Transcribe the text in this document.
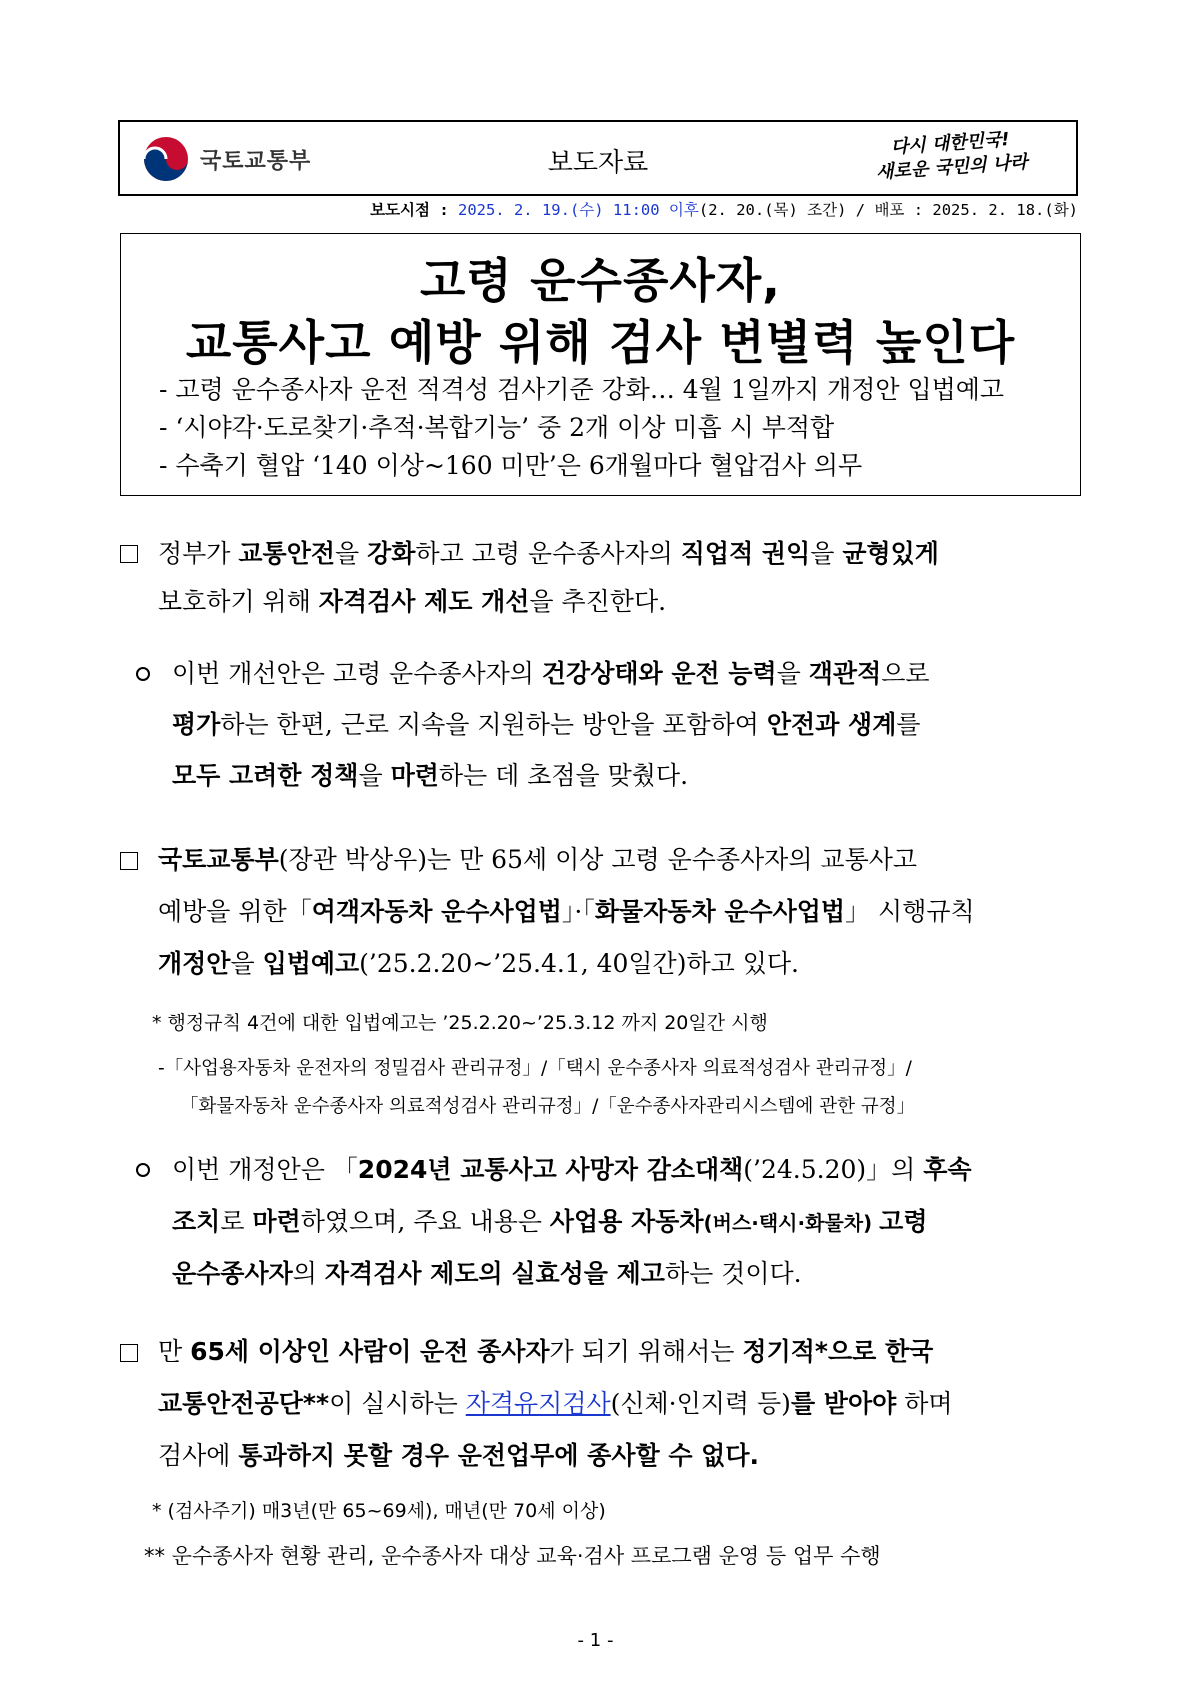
국토교통부	보도자료
다시 대한민국!
새로운 국민의 나라
보도시점 : 2025. 2. 19.(수) 11:00 이후(2. 20.(목) 조간) / 배포 : 2025. 2. 18.(화)
고령 운수종사자,
교통사고 예방 위해 검사 변별력 높인다
- 고령 운수종사자 운전 적격성 검사기준 강화… 4월 1일까지 개정안 입법예고
- ‘시야각·도로찾기·추적·복합기능’ 중 2개 이상 미흡 시 부적합
- 수축기 혈압 ‘140 이상~160 미만’은 6개월마다 혈압검사 의무
정부가 교통안전을 강화하고 고령 운수종사자의 직업적 권익을 균형있게
보호하기 위해 자격검사 제도 개선을 추진한다.
이번 개선안은 고령 운수종사자의 건강상태와 운전 능력을 객관적으로
평가하는 한편, 근로 지속을 지원하는 방안을 포함하여 안전과 생계를
모두 고려한 정책을 마련하는 데 초점을 맞췄다.
국토교통부(장관 박상우)는 만 65세 이상 고령 운수종사자의 교통사고
예방을 위한「여객자동차 운수사업법」·「화물자동차 운수사업법」 시행규칙
개정안을 입법예고(’25.2.20~’25.4.1, 40일간)하고 있다.
* 행정규칙 4건에 대한 입법예고는 ’25.2.20~’25.3.12 까지 20일간 시행
-「사업용자동차 운전자의 정밀검사 관리규정」/「택시 운수종사자 의료적성검사 관리규정」/
「화물자동차 운수종사자 의료적성검사 관리규정」/「운수종사자관리시스템에 관한 규정」
이번 개정안은 「2024년 교통사고 사망자 감소대책(’24.5.20)」의 후속
조치로 마련하였으며, 주요 내용은 사업용 자동차(버스·택시·화물차) 고령
운수종사자의 자격검사 제도의 실효성을 제고하는 것이다.
만 65세 이상인 사람이 운전 종사자가 되기 위해서는 정기적*으로 한국
교통안전공단**이 실시하는 자격유지검사(신체·인지력 등)를 받아야 하며
검사에 통과하지 못할 경우 운전업무에 종사할 수 없다.
* (검사주기) 매3년(만 65~69세), 매년(만 70세 이상)
** 운수종사자 현황 관리, 운수종사자 대상 교육·검사 프로그램 운영 등 업무 수행
- 1 -
